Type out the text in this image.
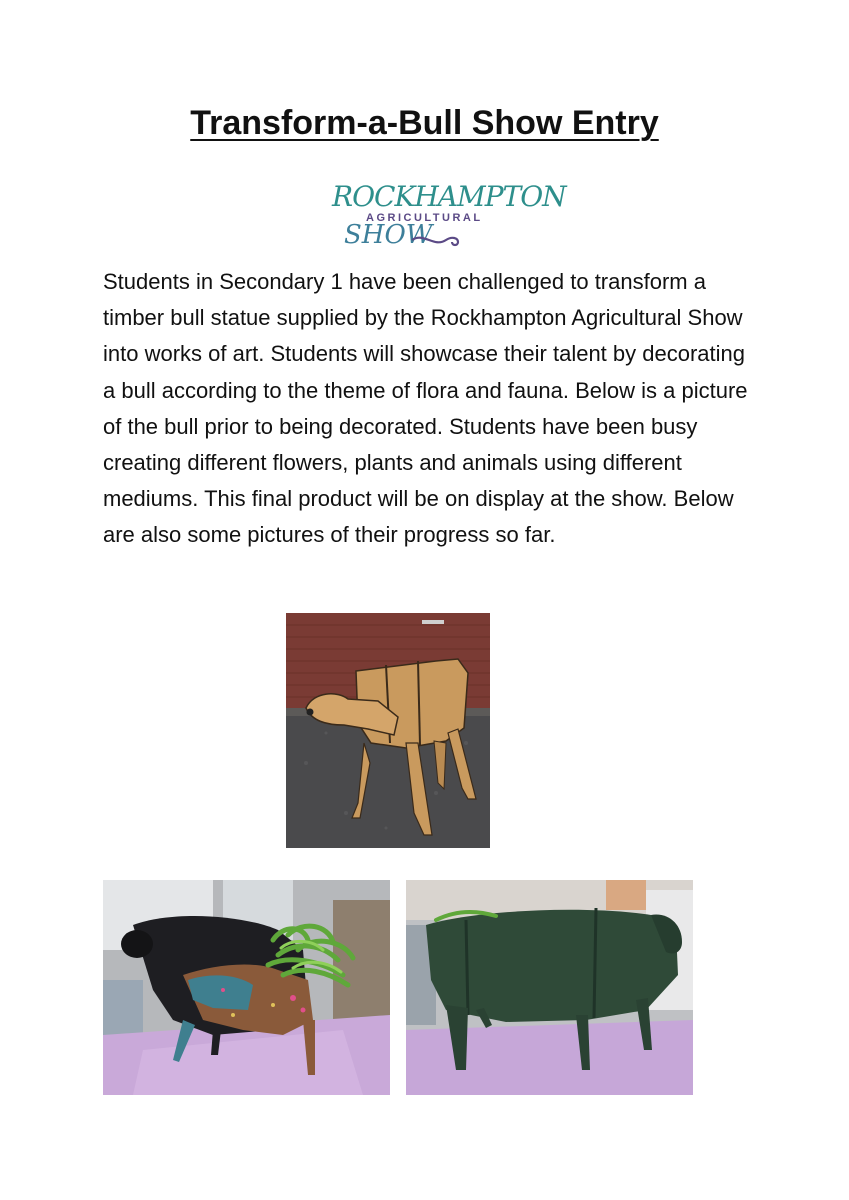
Transform-a-Bull Show Entry
ROCKHAMPTON
AGRICULTURAL
SHOW
Students in Secondary 1 have been challenged to transform a timber bull statue supplied by the Rockhampton Agricultural Show into works of art. Students will showcase their talent by decorating a bull according to the theme of flora and fauna. Below is a picture of the bull prior to being decorated. Students have been busy creating different flowers, plants and animals using different mediums. This final product will be on display at the show. Below are also some pictures of their progress so far.
